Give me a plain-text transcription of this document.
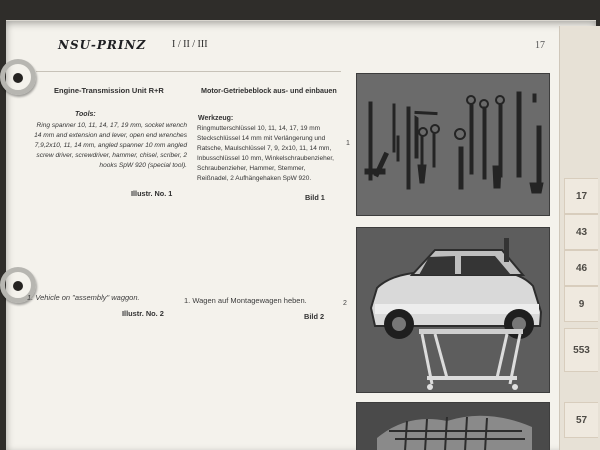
17
43
46
9
553
57
NSU-PRINZ	I / II / III	17
Engine-Transmission Unit R+R	Motor-Getriebeblock aus- und einbauen
Tools:
Werkzeug:
Ring spanner 10, 11, 14, 17, 19 mm, socket wrench 14 mm and extension and lever, open end wrenches 7,9,2x10, 11, 14 mm, angled spanner 10 mm angled screw driver, screwdriver, hammer, chisel, scriber, 2 hooks SpW 920 (special tool).
Ringmutterschlüssel 10, 11, 14, 17, 19 mm Steckschlüssel 14 mm mit Verlängerung und Ratsche, Maulschlüssel 7, 9, 2x10, 11, 14 mm, Inbusschlüssel 10 mm, Winkelschraubenzieher, Schraubenzieher, Hammer, Stemmer, Reißnadel, 2 Aufhängehaken SpW 920.
Illustr. No. 1	Bild 1
1
1. Vehicle on "assembly" waggon.	1. Wagen auf Montagewagen heben.
Illustr. No. 2	Bild 2
2
